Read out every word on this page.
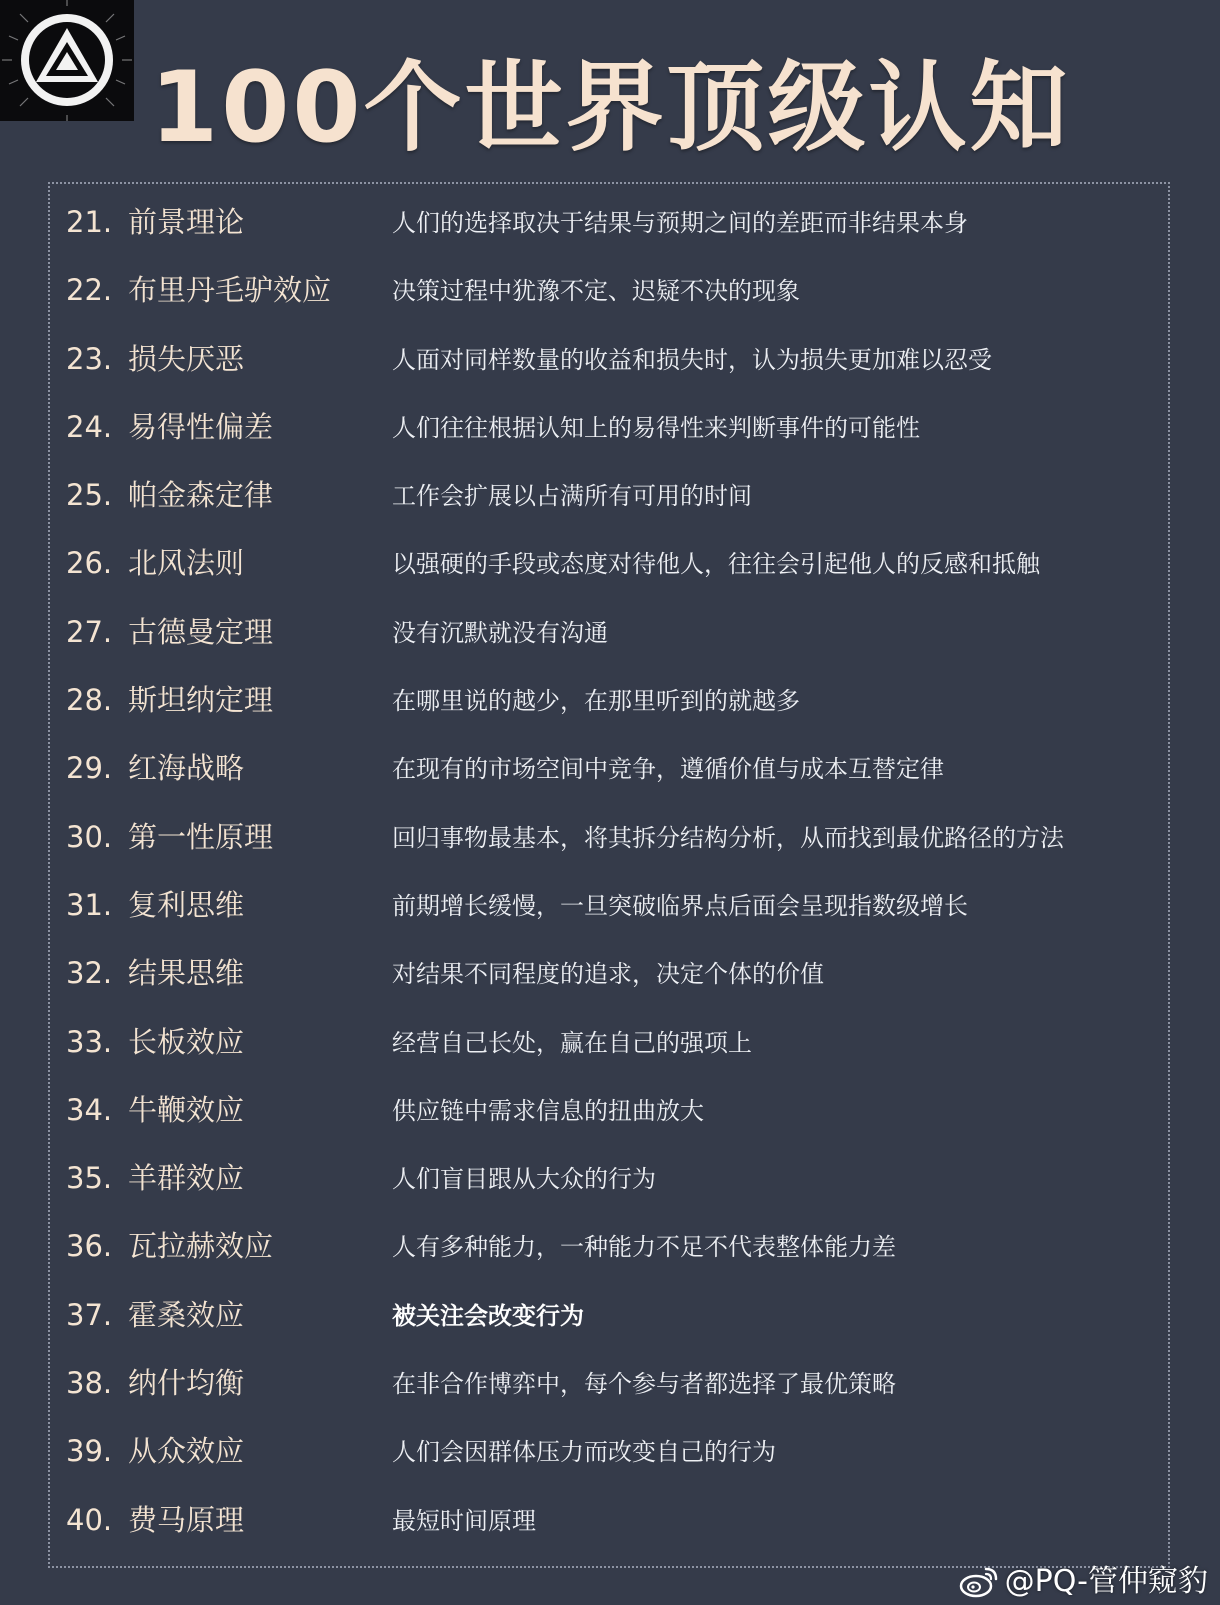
100个世界顶级认知
21. 前景理论	人们的选择取决于结果与预期之间的差距而非结果本身
22. 布里丹毛驴效应	决策过程中犹豫不定、迟疑不决的现象
23. 损失厌恶	人面对同样数量的收益和损失时，认为损失更加难以忍受
24. 易得性偏差	人们往往根据认知上的易得性来判断事件的可能性
25. 帕金森定律	工作会扩展以占满所有可用的时间
26. 北风法则	以强硬的手段或态度对待他人，往往会引起他人的反感和抵触
27. 古德曼定理	没有沉默就没有沟通
28. 斯坦纳定理	在哪里说的越少，在那里听到的就越多
29. 红海战略	在现有的市场空间中竞争，遵循价值与成本互替定律
30. 第一性原理	回归事物最基本，将其拆分结构分析，从而找到最优路径的方法
31. 复利思维	前期增长缓慢，一旦突破临界点后面会呈现指数级增长
32. 结果思维	对结果不同程度的追求，决定个体的价值
33. 长板效应	经营自己长处，赢在自己的强项上
34. 牛鞭效应	供应链中需求信息的扭曲放大
35. 羊群效应	人们盲目跟从大众的行为
36. 瓦拉赫效应	人有多种能力，一种能力不足不代表整体能力差
37. 霍桑效应	被关注会改变行为
38. 纳什均衡	在非合作博弈中，每个参与者都选择了最优策略
39. 从众效应	人们会因群体压力而改变自己的行为
40. 费马原理	最短时间原理
@PQ-管仲窥豹
